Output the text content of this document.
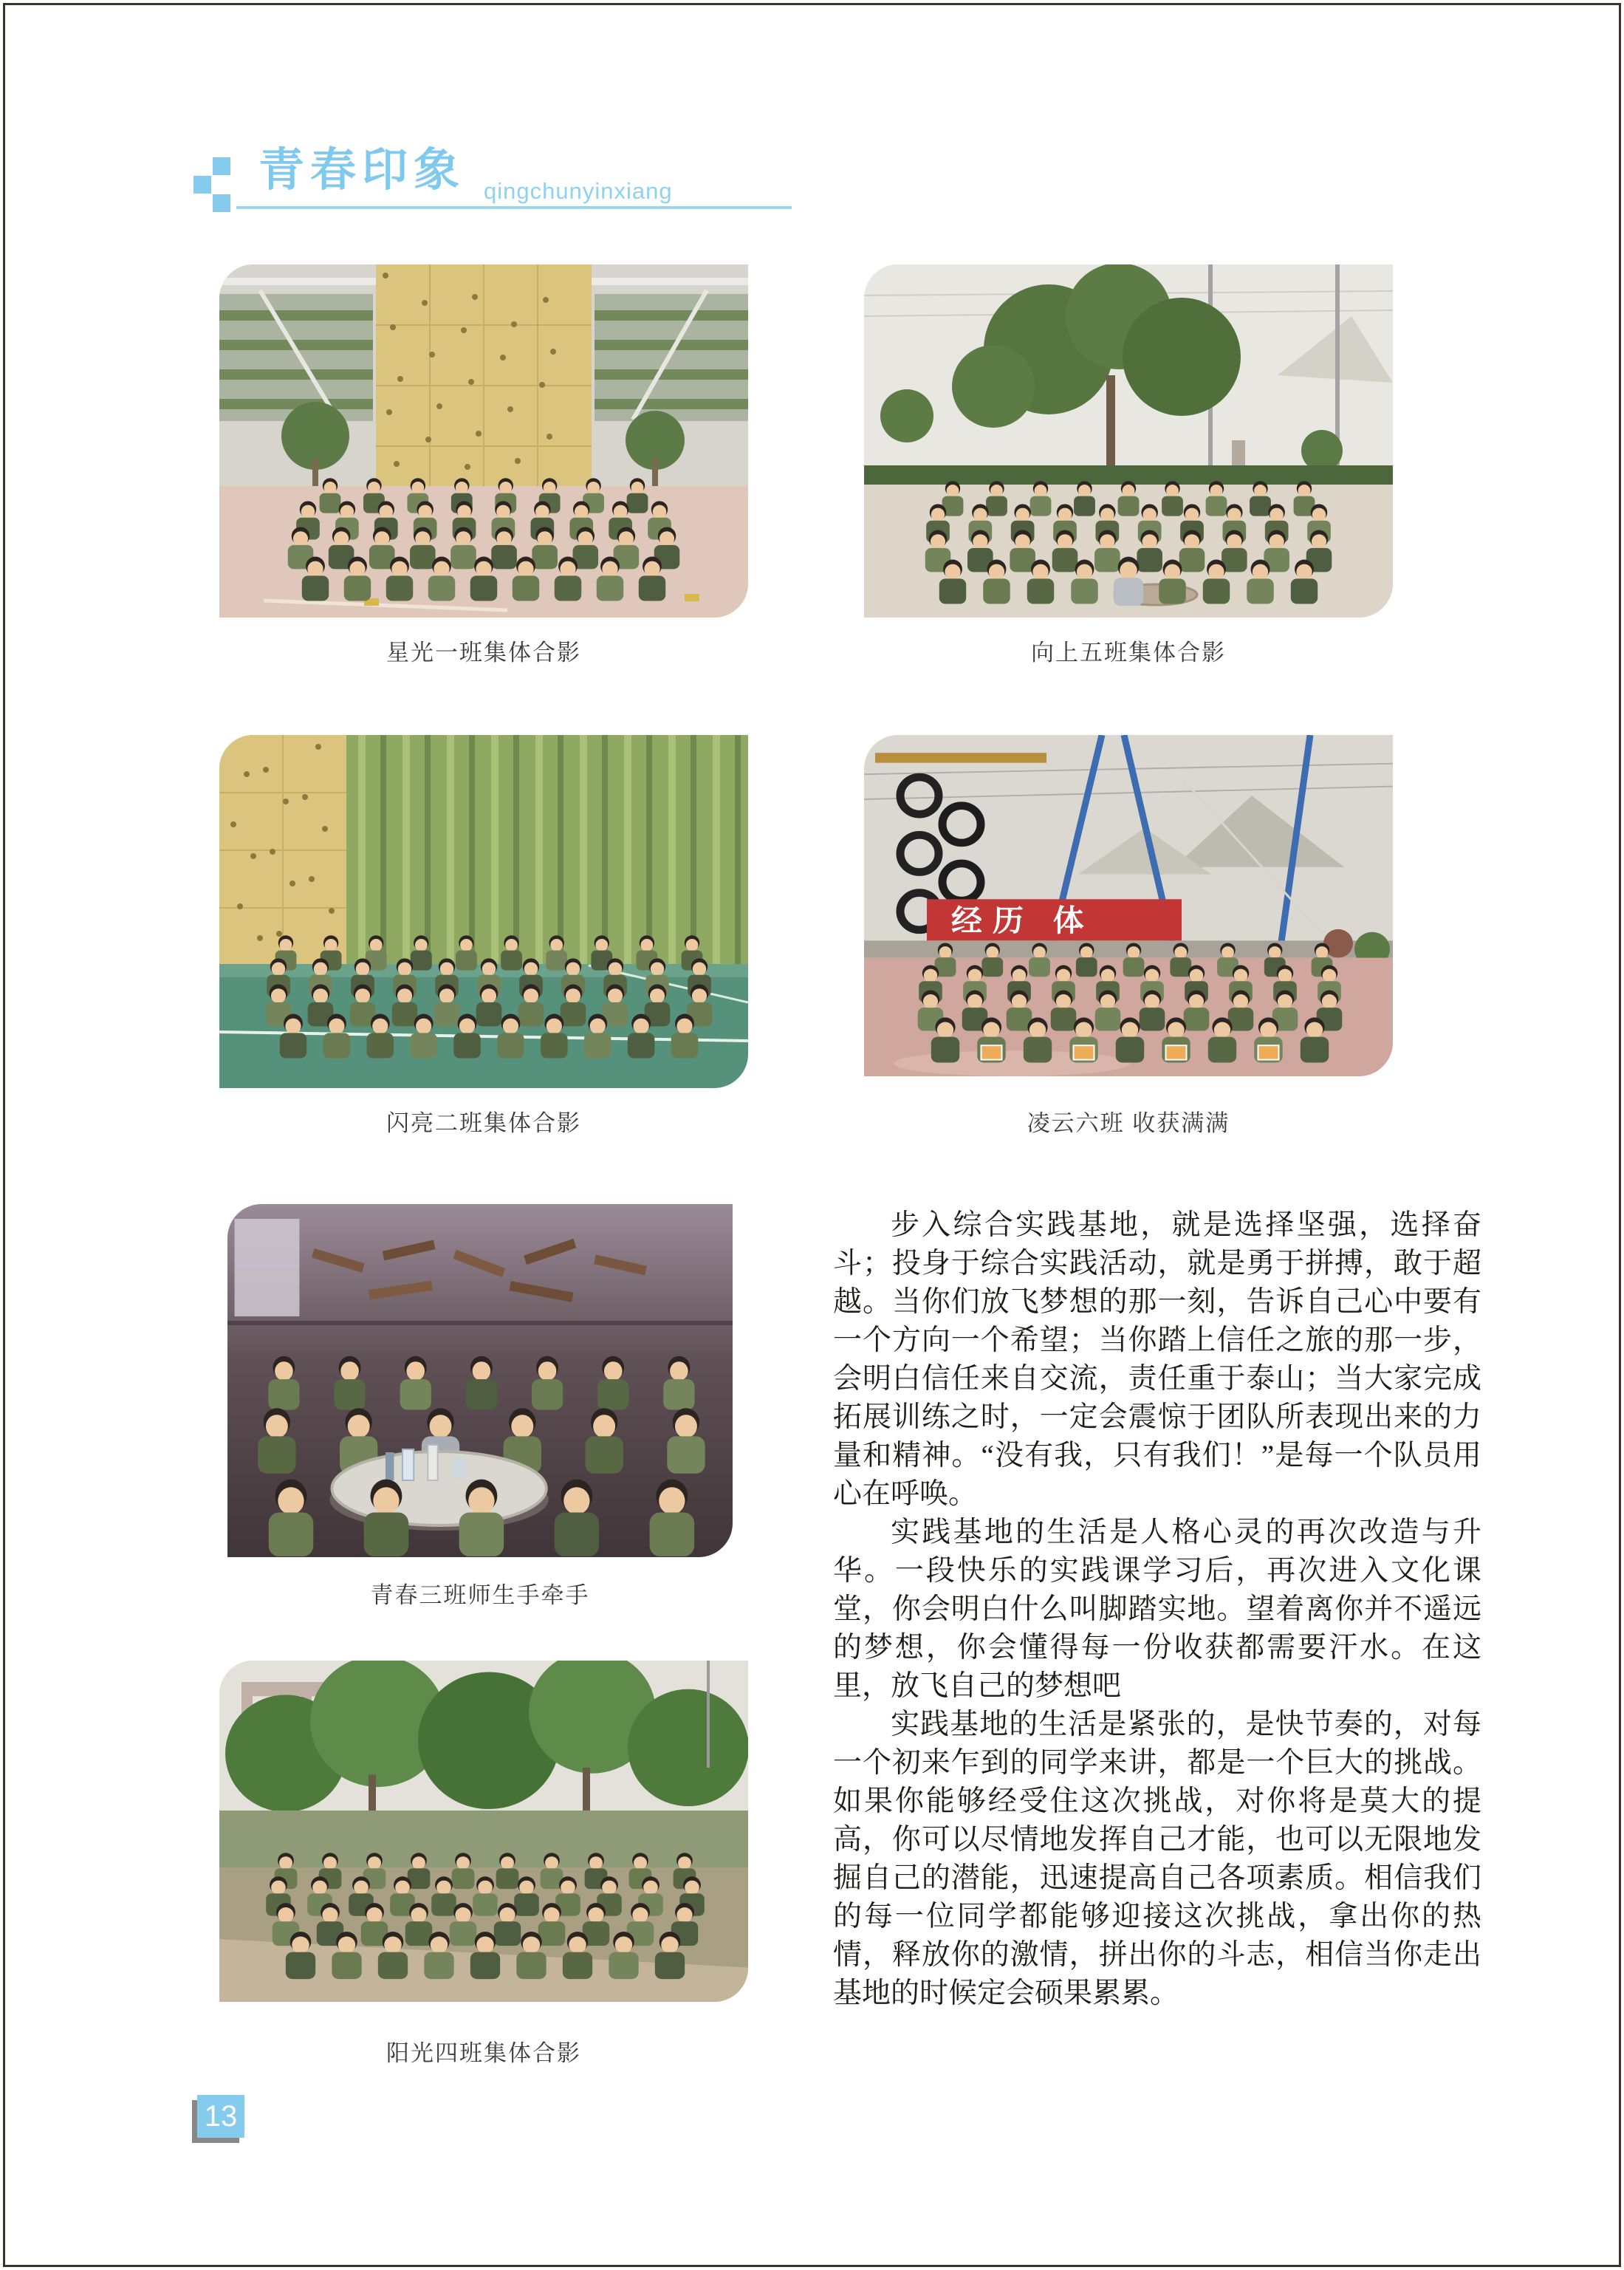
青春印象 qingchunyinxiang
星光一班集体合影	向上五班集体合影
经历 体
闪亮二班集体合影	凌云六班 收获满满
青春三班师生手牵手
阳光四班集体合影

步入综合实践基地，就是选择坚强，选择奋斗；投身于综合实践活动，就是勇于拼搏，敢于超越。当你们放飞梦想的那一刻，告诉自己心中要有一个方向一个希望；当你踏上信任之旅的那一步，会明白信任来自交流，责任重于泰山；当大家完成拓展训练之时，一定会震惊于团队所表现出来的力量和精神。“没有我，只有我们！”是每一个队员用心在呼唤。

实践基地的生活是人格心灵的再次改造与升华。一段快乐的实践课学习后，再次进入文化课堂，你会明白什么叫脚踏实地。望着离你并不遥远的梦想，你会懂得每一份收获都需要汗水。在这里，放飞自己的梦想吧

实践基地的生活是紧张的，是快节奏的，对每一个初来乍到的同学来讲，都是一个巨大的挑战。如果你能够经受住这次挑战，对你将是莫大的提高，你可以尽情地发挥自己才能，也可以无限地发掘自己的潜能，迅速提高自己各项素质。相信我们的每一位同学都能够迎接这次挑战，拿出你的热情，释放你的激情，拼出你的斗志，相信当你走出基地的时候定会硕果累累。

13
